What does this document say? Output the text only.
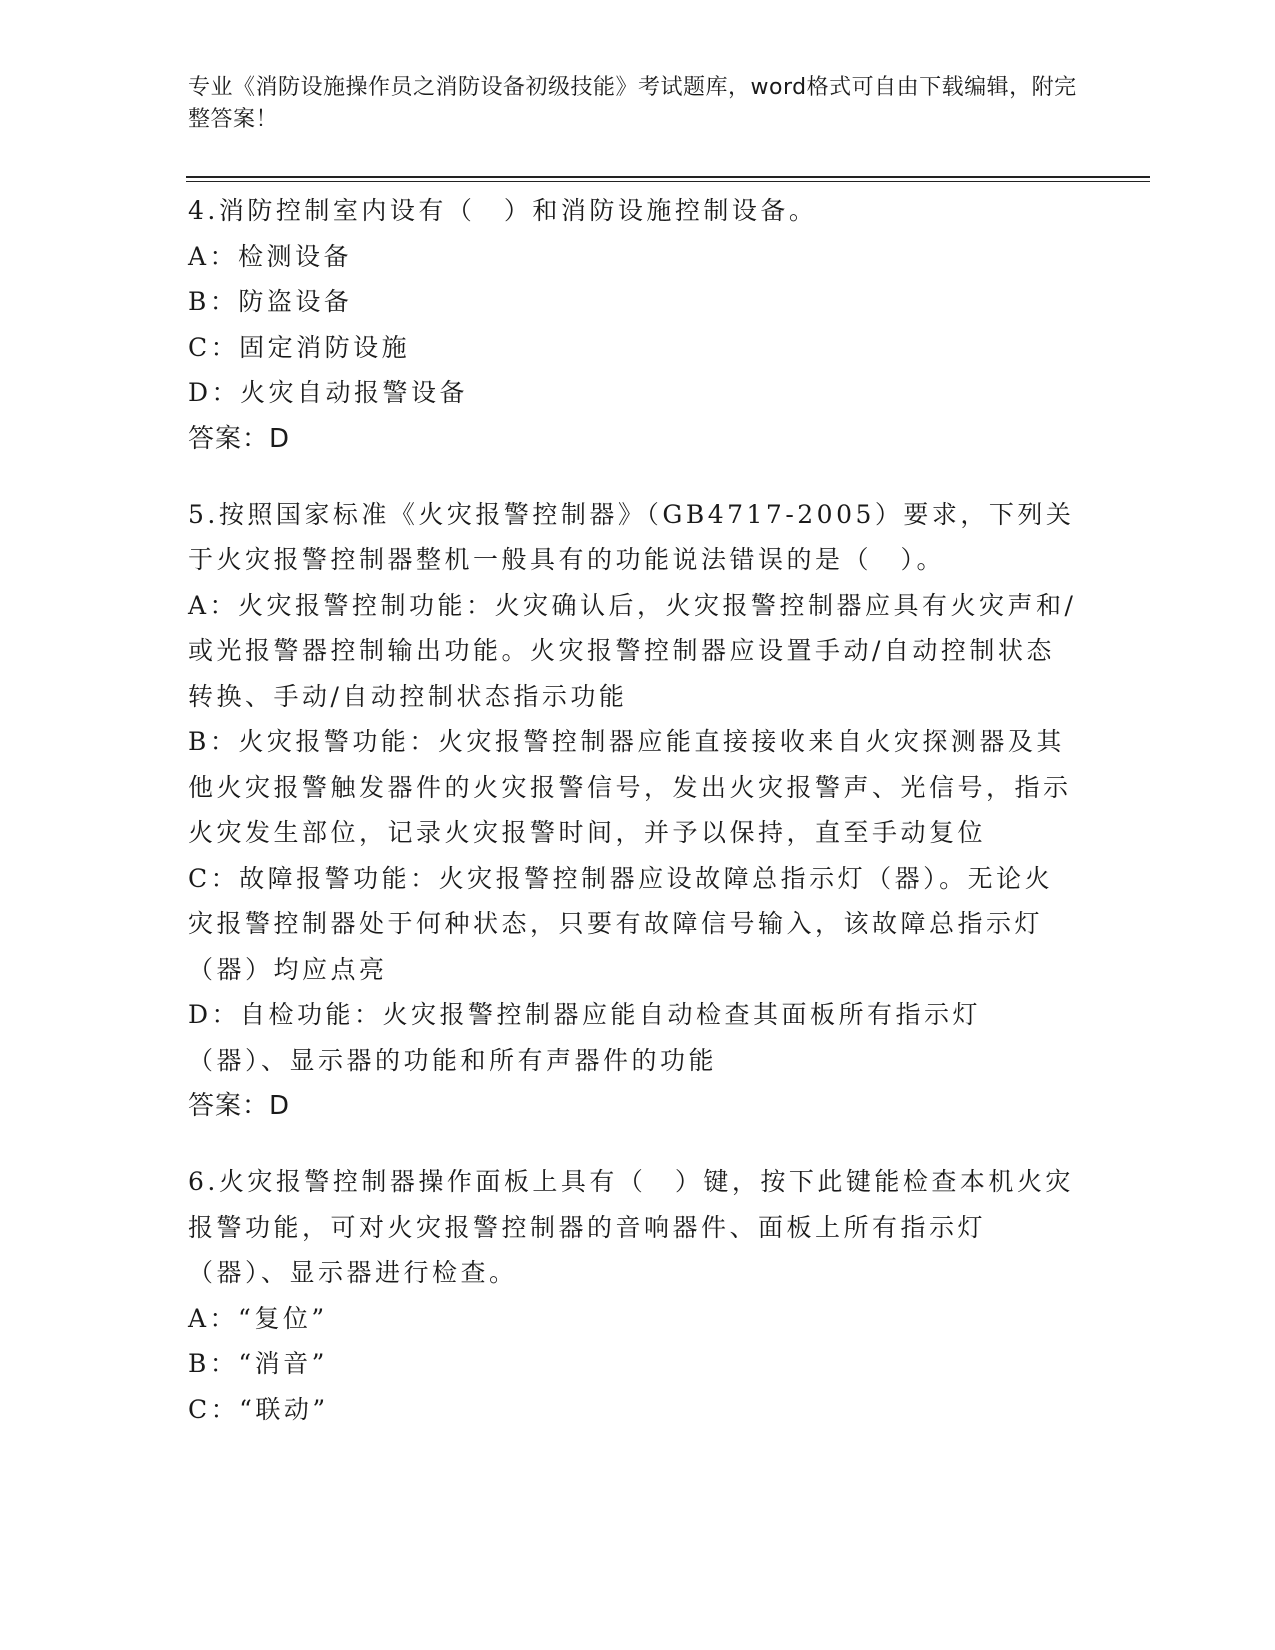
专业《消防设施操作员之消防设备初级技能》考试题库，word格式可自由下载编辑，附完整答案！

4.消防控制室内设有（　）和消防设施控制设备。

A：检测设备

B：防盗设备

C：固定消防设施

D：火灾自动报警设备

答案：D

5.按照国家标准《火灾报警控制器》（GB4717-2005）要求，下列关于火灾报警控制器整机一般具有的功能说法错误的是（　）。

A：火灾报警控制功能：火灾确认后，火灾报警控制器应具有火灾声和/或光报警器控制输出功能。火灾报警控制器应设置手动/自动控制状态转换、手动/自动控制状态指示功能

B：火灾报警功能：火灾报警控制器应能直接接收来自火灾探测器及其他火灾报警触发器件的火灾报警信号，发出火灾报警声、光信号，指示火灾发生部位，记录火灾报警时间，并予以保持，直至手动复位

C：故障报警功能：火灾报警控制器应设故障总指示灯（器）。无论火灾报警控制器处于何种状态，只要有故障信号输入，该故障总指示灯（器）均应点亮

D：自检功能：火灾报警控制器应能自动检查其面板所有指示灯（器）、显示器的功能和所有声器件的功能

答案：D

6.火灾报警控制器操作面板上具有（　）键，按下此键能检查本机火灾报警功能，可对火灾报警控制器的音响器件、面板上所有指示灯（器）、显示器进行检查。

A：“复位”

B：“消音”

C：“联动”
